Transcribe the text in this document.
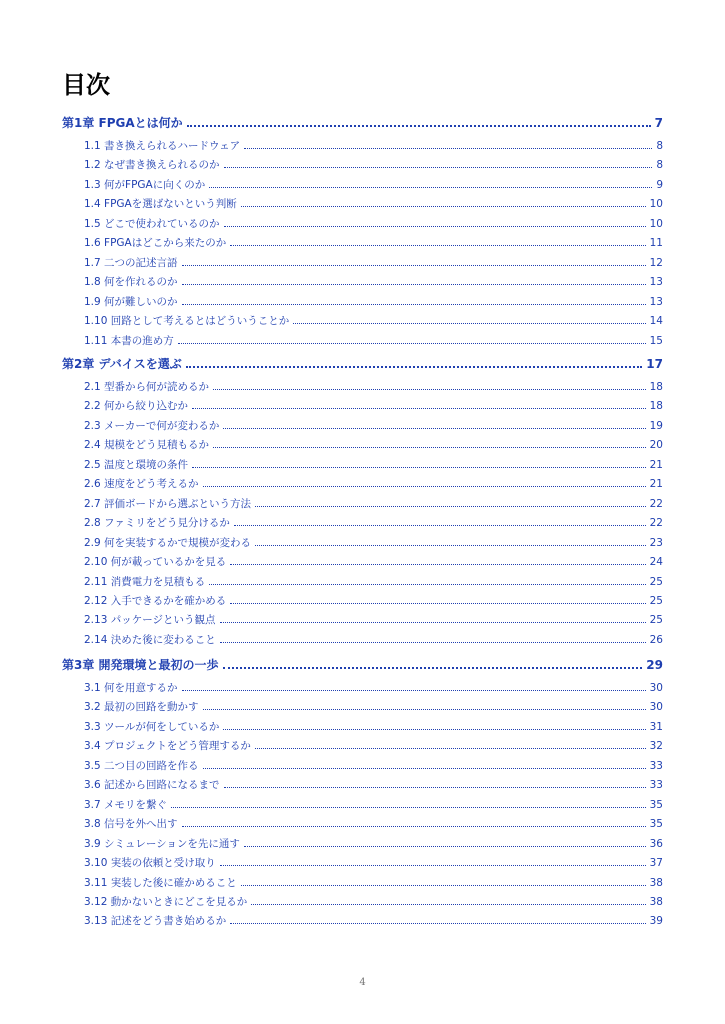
目次
第1章 FPGAとは何か	7
1.1 書き換えられるハードウェア	8
1.2 なぜ書き換えられるのか	8
1.3 何がFPGAに向くのか	9
1.4 FPGAを選ばないという判断	10
1.5 どこで使われているのか	10
1.6 FPGAはどこから来たのか	11
1.7 二つの記述言語	12
1.8 何を作れるのか	13
1.9 何が難しいのか	13
1.10 回路として考えるとはどういうことか	14
1.11 本書の進め方	15
第2章 デバイスを選ぶ	17
2.1 型番から何が読めるか	18
2.2 何から絞り込むか	18
2.3 メーカーで何が変わるか	19
2.4 規模をどう見積もるか	20
2.5 温度と環境の条件	21
2.6 速度をどう考えるか	21
2.7 評価ボードから選ぶという方法	22
2.8 ファミリをどう見分けるか	22
2.9 何を実装するかで規模が変わる	23
2.10 何が載っているかを見る	24
2.11 消費電力を見積もる	25
2.12 入手できるかを確かめる	25
2.13 パッケージという観点	25
2.14 決めた後に変わること	26
第3章 開発環境と最初の一歩	29
3.1 何を用意するか	30
3.2 最初の回路を動かす	30
3.3 ツールが何をしているか	31
3.4 プロジェクトをどう管理するか	32
3.5 二つ目の回路を作る	33
3.6 記述から回路になるまで	33
3.7 メモリを繋ぐ	35
3.8 信号を外へ出す	35
3.9 シミュレーションを先に通す	36
3.10 実装の依頼と受け取り	37
3.11 実装した後に確かめること	38
3.12 動かないときにどこを見るか	38
3.13 記述をどう書き始めるか	39
4
